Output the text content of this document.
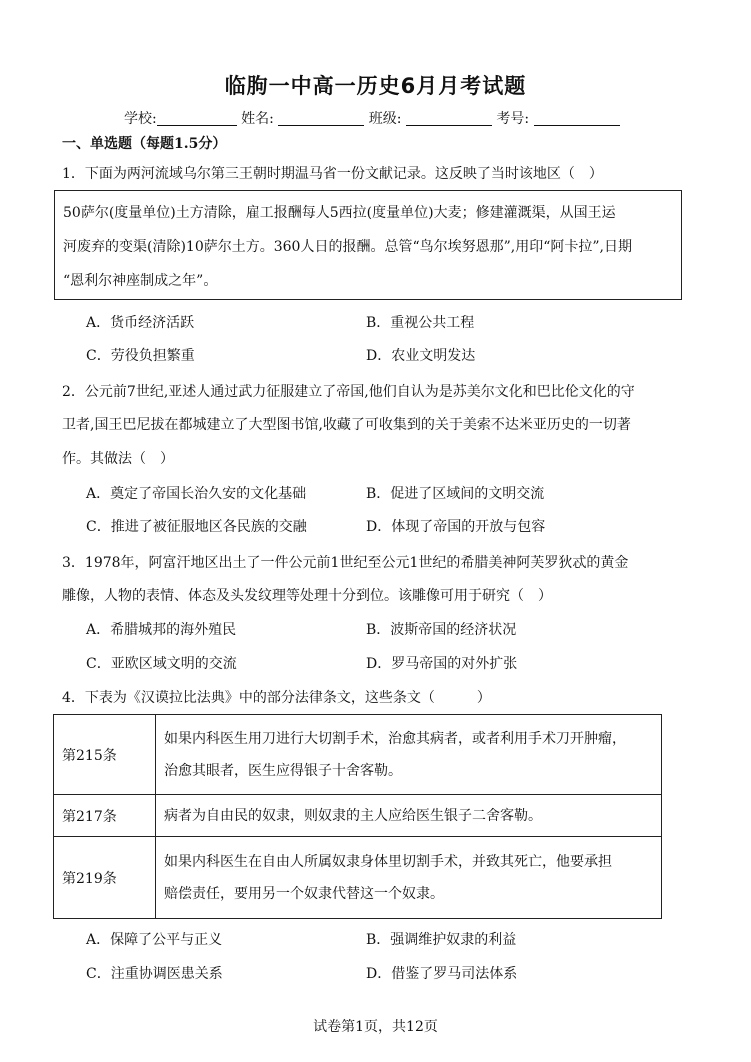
临朐一中高一历史6月月考试题
学校:	姓名:	班级:	考号:
一、单选题（每题1.5分）
1．下面为两河流域乌尔第三王朝时期温马省一份文献记录。这反映了当时该地区（　）
50萨尔(度量单位)土方清除，雇工报酬每人5西拉(度量单位)大麦；修建灌溉渠，从国王运
河废弃的变渠(清除)10萨尔土方。360人日的报酬。总管“鸟尔埃努恩那”,用印“阿卡拉”,日期
“恩利尔神座制成之年”。
A．货币经济活跃	B．重视公共工程
C．劳役负担繁重	D．农业文明发达
2．公元前7世纪,亚述人通过武力征服建立了帝国,他们自认为是苏美尔文化和巴比伦文化的守
卫者,国王巴尼拔在都城建立了大型图书馆,收藏了可收集到的关于美索不达米亚历史的一切著
作。其做法（　）
A．奠定了帝国长治久安的文化基础	B．促进了区域间的文明交流
C．推进了被征服地区各民族的交融	D．体现了帝国的开放与包容
3．1978年，阿富汗地区出土了一件公元前1世纪至公元1世纪的希腊美神阿芙罗狄忒的黄金
雕像，人物的表情、体态及头发纹理等处理十分到位。该雕像可用于研究（　）
A．希腊城邦的海外殖民	B．波斯帝国的经济状况
C．亚欧区域文明的交流	D．罗马帝国的对外扩张
4．下表为《汉谟拉比法典》中的部分法律条文，这些条文（　　　）
第215条	如果内科医生用刀进行大切割手术，治愈其病者，或者利用手术刀开肿瘤，
治愈其眼者，医生应得银子十舍客勒。

第217条	病者为自由民的奴隶，则奴隶的主人应给医生银子二舍客勒。

第219条	如果内科医生在自由人所属奴隶身体里切割手术，并致其死亡，他要承担
赔偿责任，要用另一个奴隶代替这一个奴隶。
A．保障了公平与正义	B．强调维护奴隶的利益
C．注重协调医患关系	D．借鉴了罗马司法体系
试卷第1页，共12页
